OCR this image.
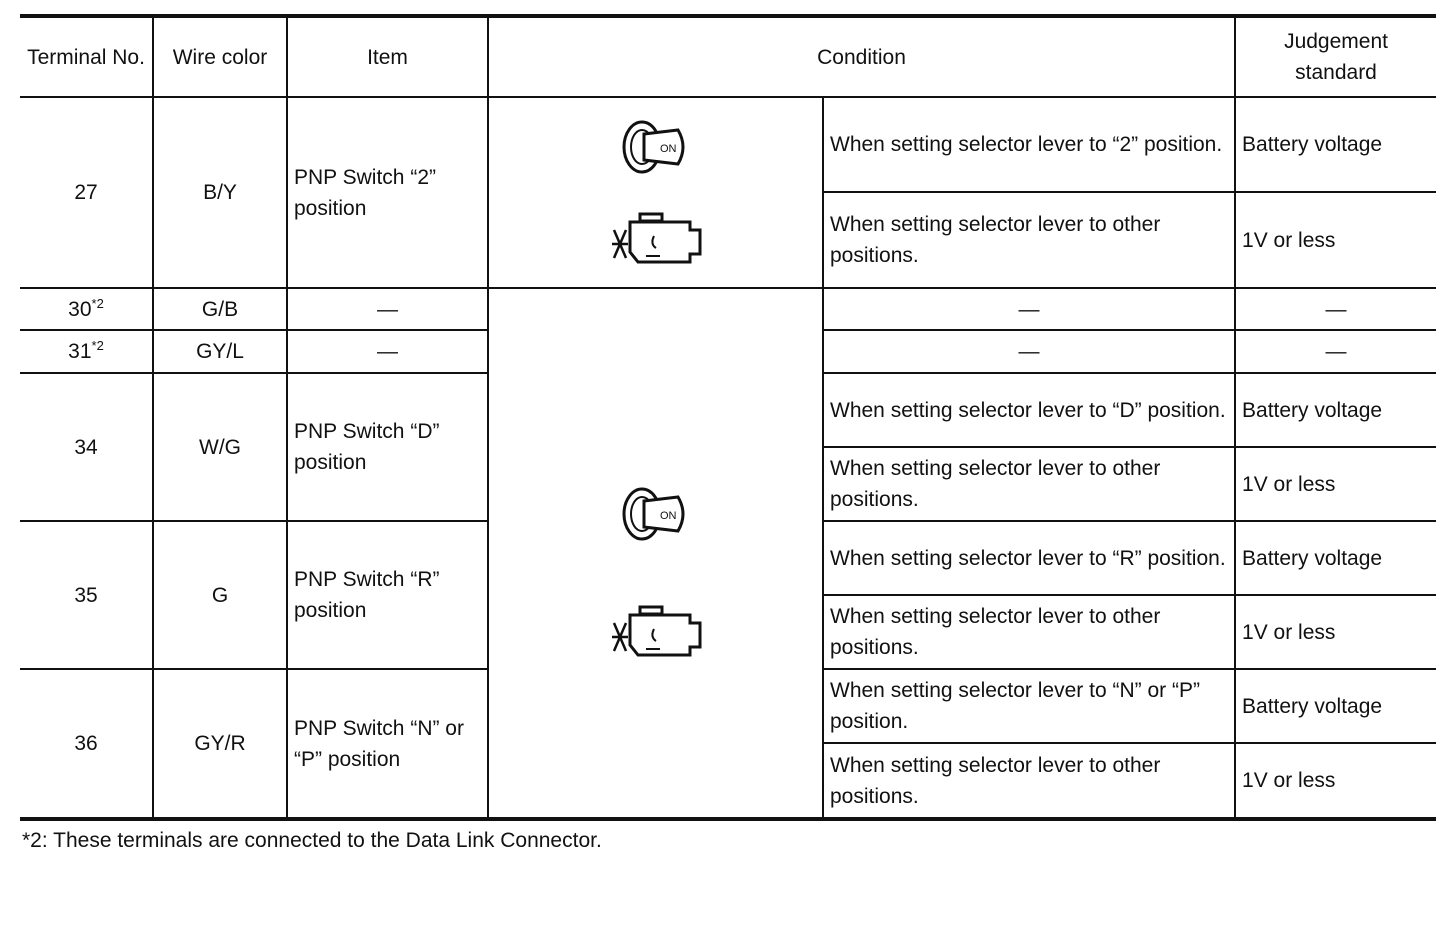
Terminal No.	Wire color	Item	Condition		Judgement standard
27	B/Y	PNP Switch “2” position	ON	When setting selector lever to “2” position.	Battery voltage
				When setting selector lever to other positions.	1V or less
30$^{*2}$	G/B	—	ON	—	—
31$^{*2}$	GY/L	—		—	—
34	W/G	PNP Switch “D” position		When setting selector lever to “D” position.	Battery voltage
				When setting selector lever to other positions.	1V or less
35	G	PNP Switch “R” position		When setting selector lever to “R” position.	Battery voltage
				When setting selector lever to other positions.	1V or less
36	GY/R	PNP Switch “N” or “P” position		When setting selector lever to “N” or “P” position.	Battery voltage
				When setting selector lever to other positions.	1V or less
*2: These terminals are connected to the Data Link Connector.
